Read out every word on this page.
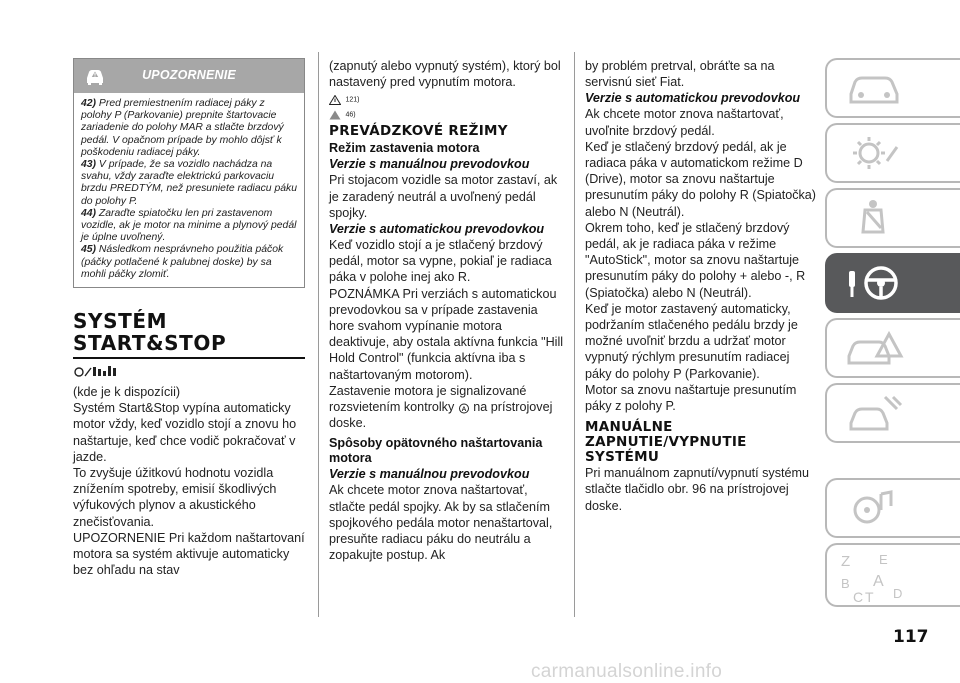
UPOZORNENIE

42) Pred premiestnením radiacej páky z polohy P (Parkovanie) prepnite štartovacie zariadenie do polohy MAR a stlačte brzdový pedál. V opačnom prípade by mohlo dôjsť k poškodeniu radiacej páky.

43) V prípade, že sa vozidlo nachádza na svahu, vždy zaraďte elektrickú parkovaciu brzdu PREDTÝM, než presuniete radiacu páku do polohy P.

44) Zaraďte spiatočku len pri zastavenom vozidle, ak je motor na minime a plynový pedál je úplne uvoľnený.

45) Následkom nesprávneho použitia páčok (páčky potlačené k palubnej doske) by sa mohli páčky zlomiť.

SYSTÉM
START&STOP

(kde je k dispozícii)

Systém Start&Stop vypína automaticky motor vždy, keď vozidlo stojí a znovu ho naštartuje, keď chce vodič pokračovať v jazde.

To zvyšuje úžitkovú hodnotu vozidla znížením spotreby, emisií škodlivých výfukových plynov a akustického znečisťovania.

UPOZORNENIE Pri každom naštartovaní motora sa systém aktivuje automaticky bez ohľadu na stav

(zapnutý alebo vypnutý systém), ktorý bol nastavený pred vypnutím motora.
121)
46)
PREVÁDZKOVÉ REŽIMY
Režim zastavenia motora
Verzie s manuálnou prevodovkou
Pri stojacom vozidle sa motor zastaví, ak je zaradený neutrál a uvoľnený pedál spojky.
Verzie s automatickou prevodovkou
Keď vozidlo stojí a je stlačený brzdový pedál, motor sa vypne, pokiaľ je radiaca páka v polohe inej ako R.
POZNÁMKA Pri verziách s automatickou prevodovkou sa v prípade zastavenia hore svahom vypínanie motora deaktivuje, aby ostala aktívna funkcia "Hill Hold Control" (funkcia aktívna iba s naštartovaným motorom).
Zastavenie motora je signalizované rozsvietením kontrolky A na prístrojovej doske.
Spôsoby opätovného naštartovania motora
Verzie s manuálnou prevodovkou
Ak chcete motor znova naštartovať, stlačte pedál spojky. Ak by sa stlačením spojkového pedála motor nenaštartoval, presuňte radiacu páku do neutrálu a zopakujte postup. Ak
by problém pretrval, obráťte sa na servisnú sieť Fiat.
Verzie s automatickou prevodovkou
Ak chcete motor znova naštartovať, uvoľnite brzdový pedál.
Keď je stlačený brzdový pedál, ak je radiaca páka v automatickom režime D (Drive), motor sa znovu naštartuje presunutím páky do polohy R (Spiatočka) alebo N (Neutrál).
Okrem toho, keď je stlačený brzdový pedál, ak je radiaca páka v režime "AutoStick", motor sa znovu naštartuje presunutím páky do polohy + alebo -, R (Spiatočka) alebo N (Neutrál).
Keď je motor zastavený automaticky, podržaním stlačeného pedálu brzdy je možné uvoľniť brzdu a udržať motor vypnutý rýchlym presunutím radiacej páky do polohy P (Parkovanie).
Motor sa znovu naštartuje presunutím páky z polohy P.
MANUÁLNE
ZAPNUTIE/VYPNUTIE
SYSTÉMU
Pri manuálnom zapnutí/vypnutí systému stlačte tlačidlo obr. 96 na prístrojovej doske.
Z E
B A
C T D
117
carmanualsonline.info
